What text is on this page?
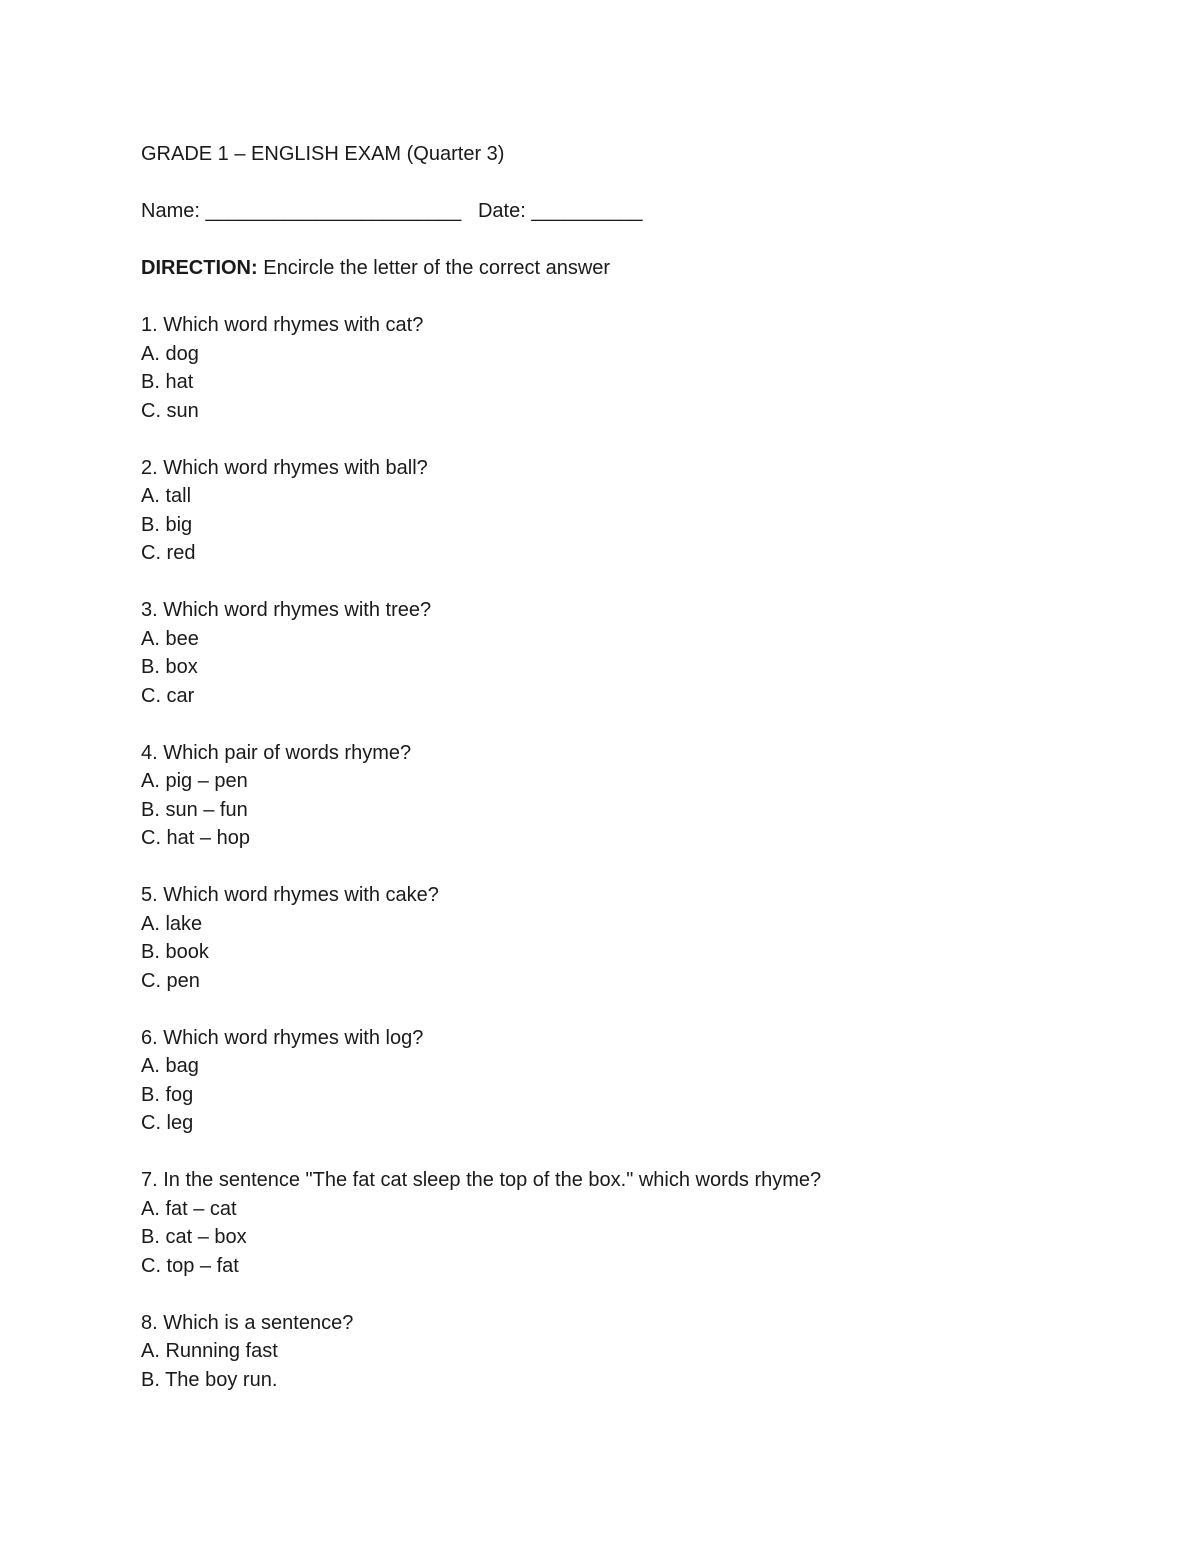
GRADE 1 – ENGLISH EXAM (Quarter 3)
Name: _______________________   Date: __________
DIRECTION: Encircle the letter of the correct answer
1. Which word rhymes with cat?
A. dog
B. hat
C. sun
2. Which word rhymes with ball?
A. tall
B. big
C. red
3. Which word rhymes with tree?
A. bee
B. box
C. car
4. Which pair of words rhyme?
A. pig – pen
B. sun – fun
C. hat – hop
5. Which word rhymes with cake?
A. lake
B. book
C. pen
6. Which word rhymes with log?
A. bag
B. fog
C. leg
7. In the sentence "The fat cat sleep the top of the box." which words rhyme?
A. fat – cat
B. cat – box
C. top – fat
8. Which is a sentence?
A. Running fast
B. The boy run.
